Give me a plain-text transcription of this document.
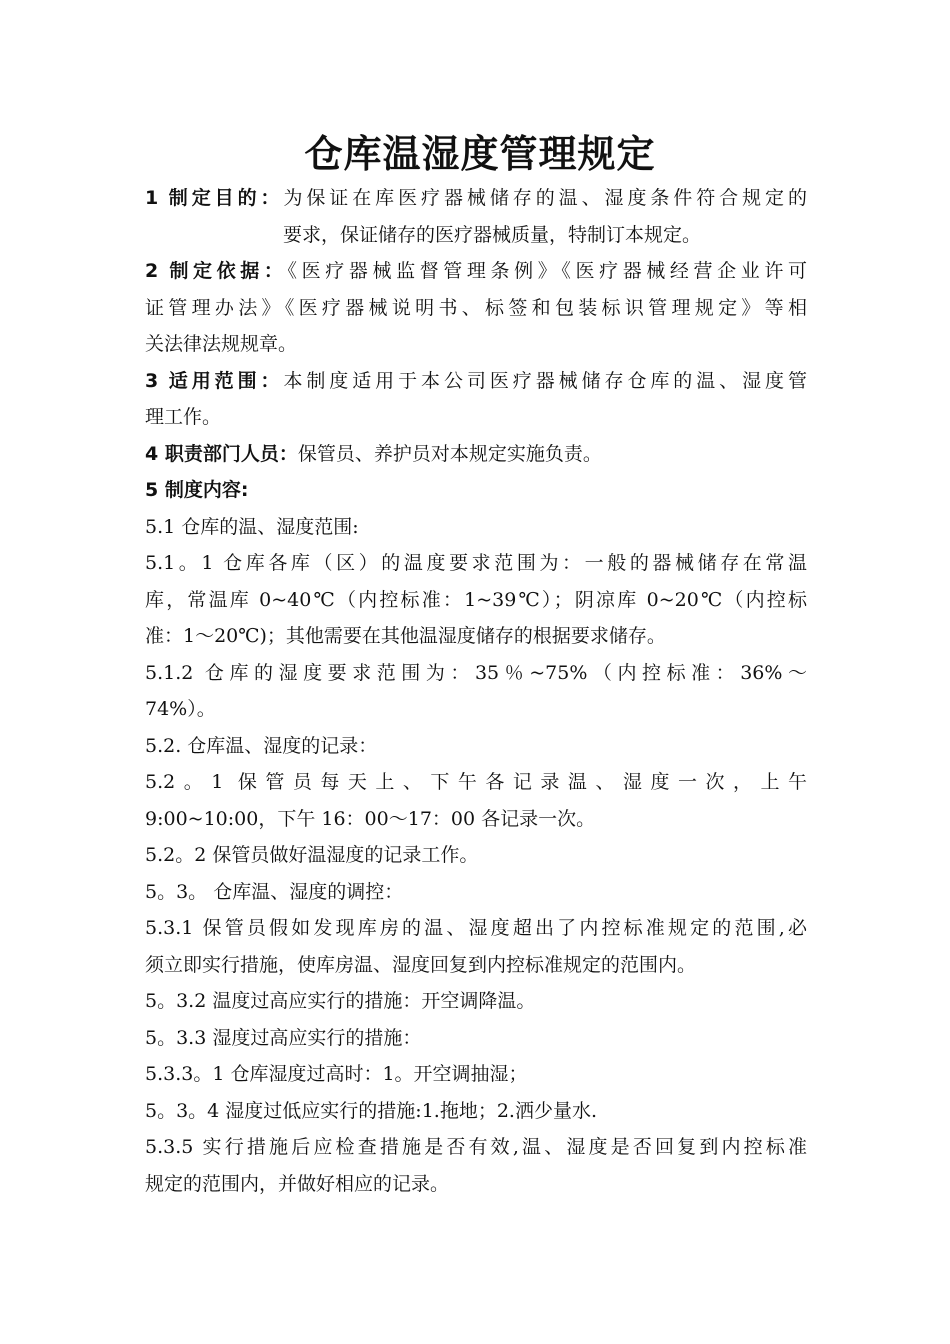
仓库温湿度管理规定
1 制定目的：为保证在库医疗器械储存的温、湿度条件符合规定的
要求，保证储存的医疗器械质量，特制订本规定。
2 制定依据：《医疗器械监督管理条例》《医疗器械经营企业许可
证管理办法》《医疗器械说明书、标签和包装标识管理规定》等相
关法律法规规章。
3 适用范围：本制度适用于本公司医疗器械储存仓库的温、湿度管
理工作。
4 职责部门人员：保管员、养护员对本规定实施负责。
5 制度内容:
5.1 仓库的温、湿度范围:
5.1。1 仓库各库（区）的温度要求范围为：一般的器械储存在常温
库，常温库 0~40℃（内控标准：1~39℃）；阴凉库 0~20℃（内控标
准：1～20℃)；其他需要在其他温湿度储存的根据要求储存。
5.1.2 仓库的湿度要求范围为：35％~75%（内控标准：36%～
74%）。
5.2. 仓库温、湿度的记录：
5.2。1 保管员每天上、下午各记录温、湿度一次，上午
9:00~10:00，下午 16：00～17：00 各记录一次。
5.2。2 保管员做好温湿度的记录工作。
5。3。 仓库温、湿度的调控：
5.3.1 保管员假如发现库房的温、湿度超出了内控标准规定的范围,必
须立即实行措施，使库房温、湿度回复到内控标准规定的范围内。
5。3.2 温度过高应实行的措施：开空调降温。
5。3.3 湿度过高应实行的措施：
5.3.3。1 仓库湿度过高时：1。开空调抽湿；
5。3。4 湿度过低应实行的措施:1.拖地；2.洒少量水.
5.3.5 实行措施后应检查措施是否有效,温、湿度是否回复到内控标准
规定的范围内，并做好相应的记录。
